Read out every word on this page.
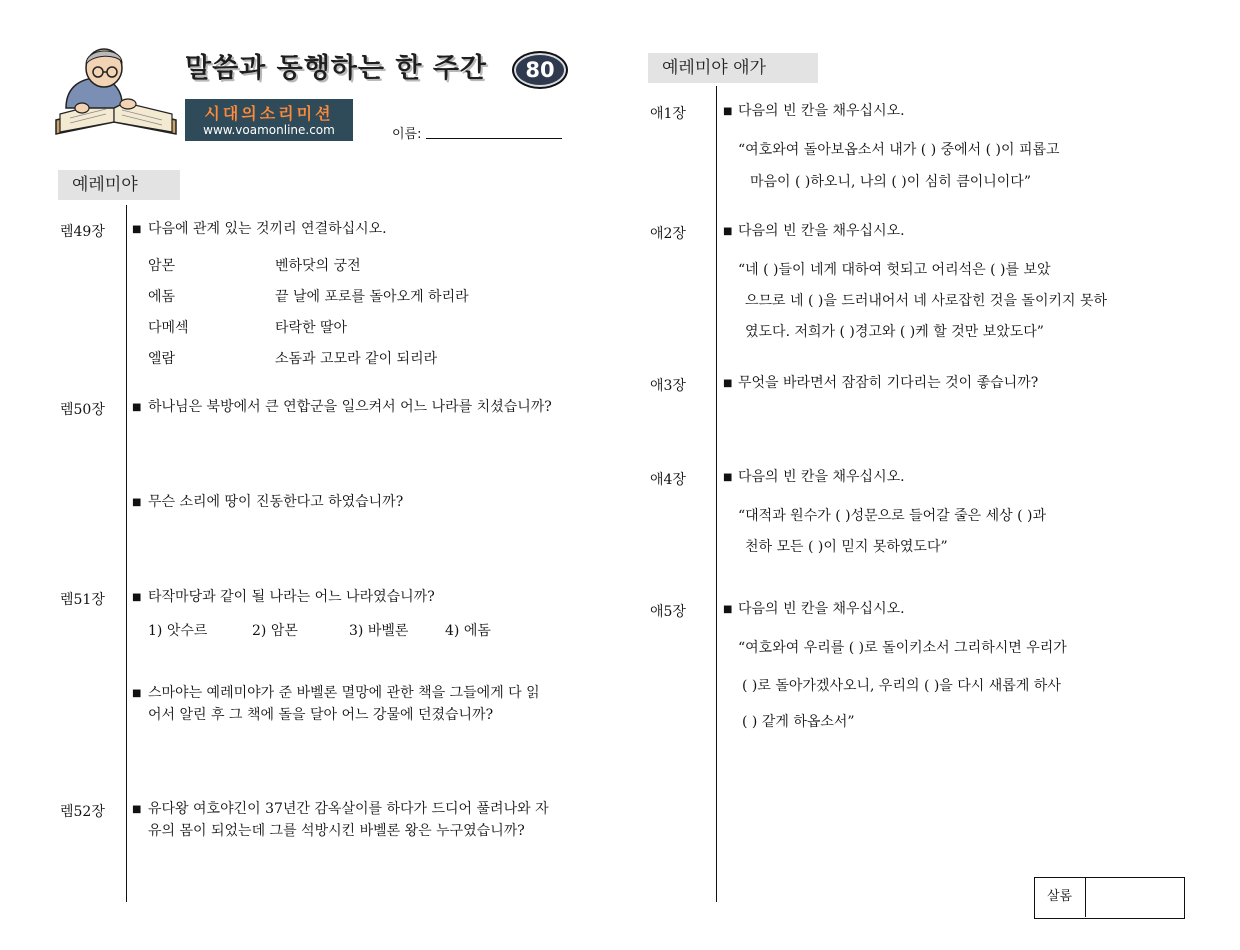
말씀과 동행하는 한 주간	80
시대의소리미션
www.voamonline.com	이름:
예레미야
렘49장	■ 다음에 관계 있는 것끼리 연결하십시오.
암몬	벤하닷의 궁전
에돔	끝 날에 포로를 돌아오게 하리라
다메섹	타락한 딸아
엘람	소돔과 고모라 같이 되리라
렘50장	■ 하나님은 북방에서 큰 연합군을 일으켜서 어느 나라를 치셨습니까?
■ 무슨 소리에 땅이 진동한다고 하였습니까?
렘51장	■ 타작마당과 같이 될 나라는 어느 나라였습니까?
1) 앗수르	2) 암몬	3) 바벨론	4) 에돔
■ 스마야는 예레미야가 준 바벨론 멸망에 관한 책을 그들에게 다 읽
어서 알린 후 그 책에 돌을 달아 어느 강물에 던졌습니까?
렘52장	■ 유다왕 여호야긴이 37년간 감옥살이를 하다가 드디어 풀려나와 자
유의 몸이 되었는데 그를 석방시킨 바벨론 왕은 누구였습니까?
예레미야 애가
애1장	■ 다음의 빈 칸을 채우십시오.
“여호와여 돌아보옵소서 내가 ( ) 중에서 ( )이 피롭고
마음이 ( )하오니, 나의 ( )이 심히 큼이니이다”
애2장	■ 다음의 빈 칸을 채우십시오.
“네 ( )들이 네게 대하여 헛되고 어리석은 ( )를 보았
으므로 네 ( )을 드러내어서 네 사로잡힌 것을 돌이키지 못하
였도다. 저희가 ( )경고와 ( )케 할 것만 보았도다”
애3장	■ 무엇을 바라면서 잠잠히 기다리는 것이 좋습니까?
애4장	■ 다음의 빈 칸을 채우십시오.
“대적과 원수가 ( )성문으로 들어갈 줄은 세상 ( )과
천하 모든 ( )이 믿지 못하였도다”
애5장	■ 다음의 빈 칸을 채우십시오.
“여호와여 우리를 ( )로 돌이키소서 그리하시면 우리가
( )로 돌아가겠사오니, 우리의 ( )을 다시 새롭게 하사
( ) 같게 하옵소서”
살롬
